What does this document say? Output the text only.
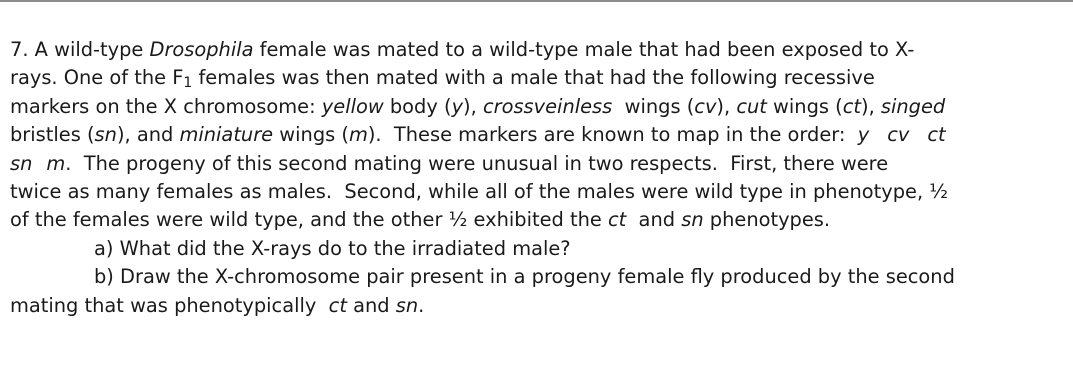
7. A wild-type Drosophila female was mated to a wild-type male that had been exposed to X-
rays. One of the $F_1$ females was then mated with a male that had the following recessive
markers on the X chromosome: yellow body (y), crossveinless  wings (cv), cut wings (ct), singed
bristles (sn), and miniature wings (m).  These markers are known to map in the order:  y cv ct
sn m.  The progeny of this second mating were unusual in two respects.  First, there were
twice as many females as males.  Second, while all of the males were wild type in phenotype, ½
of the females were wild type, and the other ½ exhibited the ct  and sn phenotypes.
a) What did the X-rays do to the irradiated male?
b) Draw the X-chromosome pair present in a progeny female fly produced by the second
mating that was phenotypically  ct and sn.
